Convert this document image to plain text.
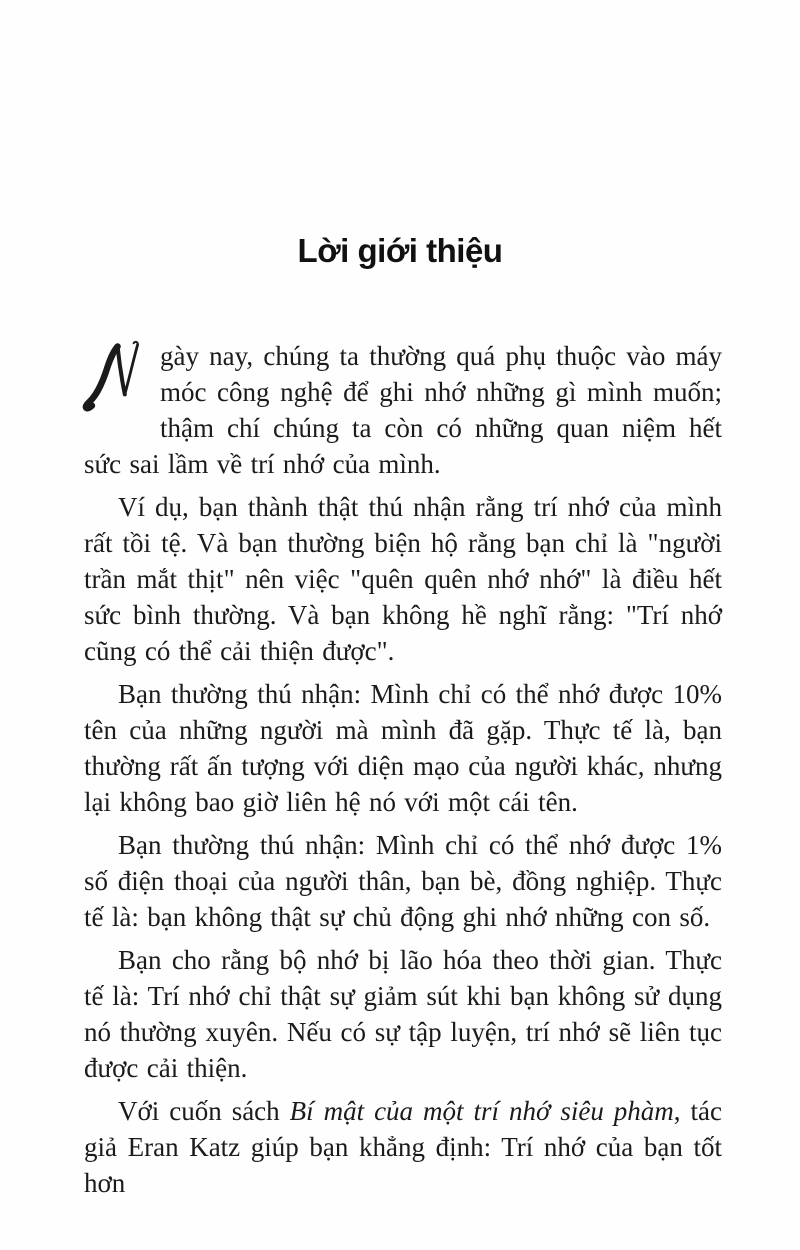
Lời giới thiệu

gày nay, chúng ta thường quá phụ thuộc vào máy móc công nghệ để ghi nhớ những gì mình muốn; thậm chí chúng ta còn có những quan niệm hết sức sai lầm về trí nhớ của mình.

Ví dụ, bạn thành thật thú nhận rằng trí nhớ của mình rất tồi tệ. Và bạn thường biện hộ rằng bạn chỉ là "người trần mắt thịt" nên việc "quên quên nhớ nhớ" là điều hết sức bình thường. Và bạn không hề nghĩ rằng: "Trí nhớ cũng có thể cải thiện được".

Bạn thường thú nhận: Mình chỉ có thể nhớ được 10% tên của những người mà mình đã gặp. Thực tế là, bạn thường rất ấn tượng với diện mạo của người khác, nhưng lại không bao giờ liên hệ nó với một cái tên.

Bạn thường thú nhận: Mình chỉ có thể nhớ được 1% số điện thoại của người thân, bạn bè, đồng nghiệp. Thực tế là: bạn không thật sự chủ động ghi nhớ những con số.

Bạn cho rằng bộ nhớ bị lão hóa theo thời gian. Thực tế là: Trí nhớ chỉ thật sự giảm sút khi bạn không sử dụng nó thường xuyên. Nếu có sự tập luyện, trí nhớ sẽ liên tục được cải thiện.

Với cuốn sách Bí mật của một trí nhớ siêu phàm, tác giả Eran Katz giúp bạn khẳng định: Trí nhớ của bạn tốt hơn
